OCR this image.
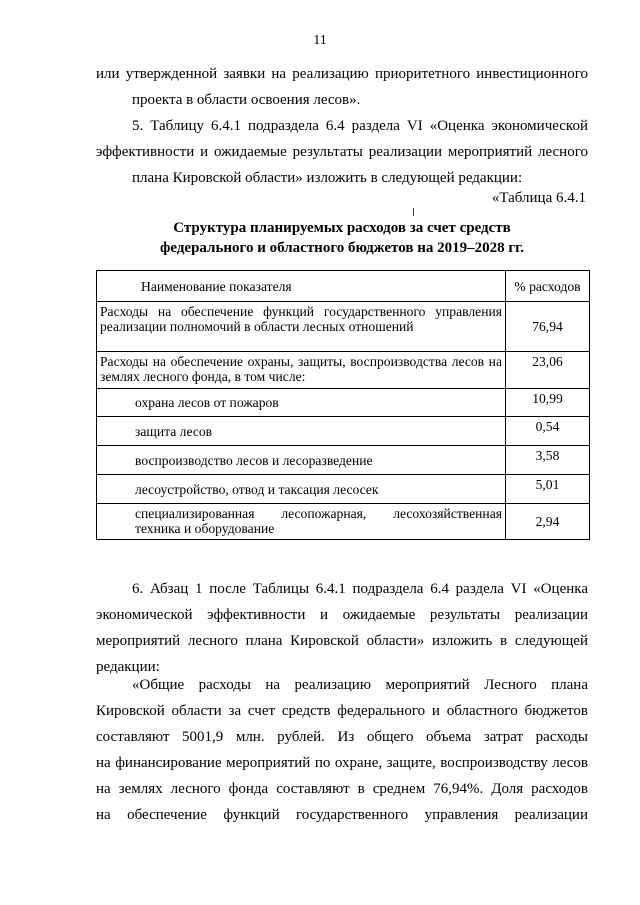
11
или утвержденной заявки на реализацию приоритетного инвестиционного
проекта в области освоения лесов».
5. Таблицу 6.4.1 подраздела 6.4 раздела VI «Оценка экономической
эффективности и ожидаемые результаты реализации мероприятий лесного
плана Кировской области» изложить в следующей редакции:
«Таблица 6.4.1
Структура планируемых расходов за счет средств
федерального и областного бюджетов на 2019–2028 гг.
Наименование показателя	% расходов
Расходы на обеспечение функций государственного управления реализации полномочий в области лесных отношений	76,94
Расходы на обеспечение охраны, защиты, воспроизводства лесов на землях лесного фонда, в том числе:	23,06
охрана лесов от пожаров	10,99
защита лесов	0,54
воспроизводство лесов и лесоразведение	3,58
лесоустройство, отвод и таксация лесосек	5,01
специализированная лесопожарная, лесохозяйственная техника и оборудование	2,94
6. Абзац 1 после Таблицы 6.4.1 подраздела 6.4 раздела VI «Оценка
экономической эффективности и ожидаемые результаты реализации
мероприятий лесного плана Кировской области» изложить в следующей
редакции:
«Общие расходы на реализацию мероприятий Лесного плана
Кировской области за счет средств федерального и областного бюджетов
составляют 5001,9 млн. рублей. Из общего объема затрат расходы
на финансирование мероприятий по охране, защите, воспроизводству лесов
на землях лесного фонда составляют в среднем 76,94%. Доля расходов
на обеспечение функций государственного управления реализации
